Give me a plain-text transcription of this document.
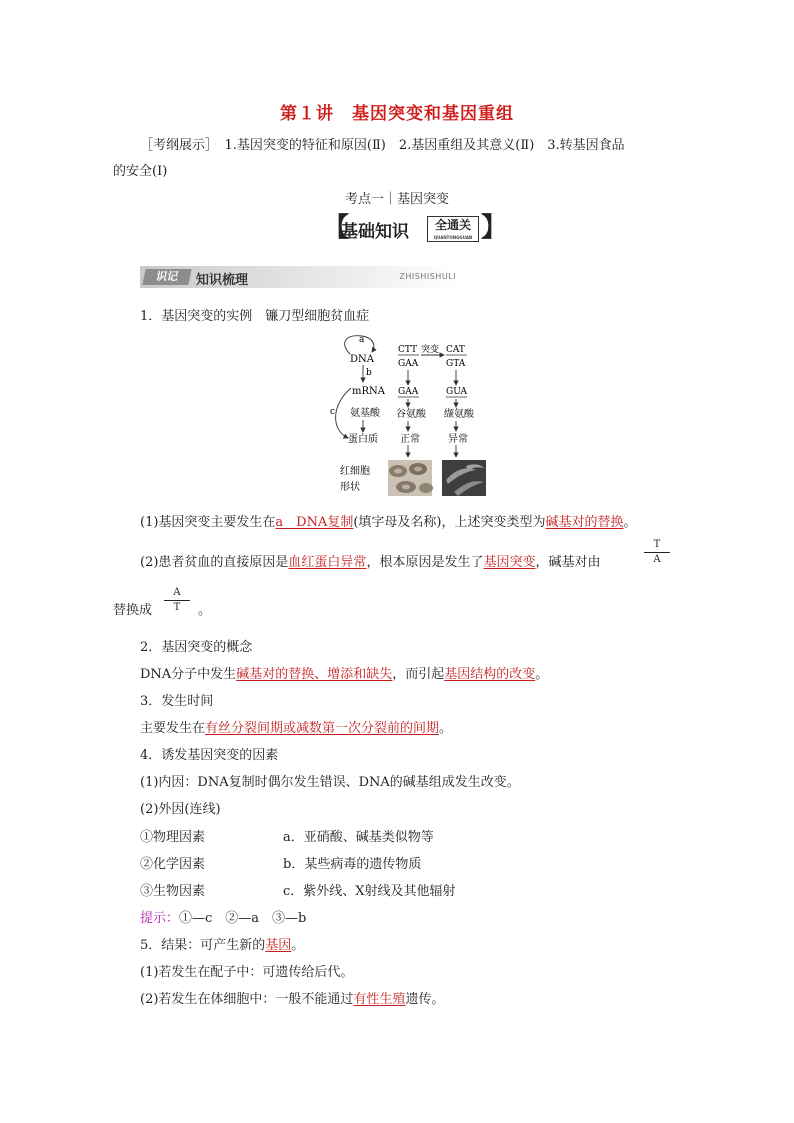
第１讲　基因突变和基因重组
［考纲展示］　1.基因突变的特征和原因(Ⅱ)　2.基因重组及其意义(Ⅱ)　3.转基因食品
的安全(Ⅰ)
考点一｜基因突变
【
基础知识	全通关
QUANTONGGUAN 】
识记	知识梳理	ZHISHISHULI
1．基因突变的实例　镰刀型细胞贫血症
a
DNA
b
mRNA
c 氨基酸
蛋白质
红细胞
形状
CTT
GAA
突变 CAT
GTA
GAA	GUA
谷氨酸 缬氨酸
正常	异常
(1)基因突变主要发生在a　DNA复制(填字母及名称)，上述突变类型为碱基对的替换。
(2)患者贫血的直接原因是血红蛋白异常，根本原因是发生了基因突变，碱基对由
T
A
替换成
A
T	。
2．基因突变的概念
DNA分子中发生碱基对的替换、增添和缺失，而引起基因结构的改变。
3．发生时间
主要发生在有丝分裂间期或减数第一次分裂前的间期。
4．诱发基因突变的因素
(1)内因：DNA复制时偶尔发生错误、DNA的碱基组成发生改变。
(2)外因(连线)
①物理因素	a．亚硝酸、碱基类似物等
②化学因素	b．某些病毒的遗传物质
③生物因素	c．紫外线、X射线及其他辐射
提示：①—c　②—a　③—b
5．结果：可产生新的基因。
(1)若发生在配子中：可遗传给后代。
(2)若发生在体细胞中：一般不能通过有性生殖遗传。
